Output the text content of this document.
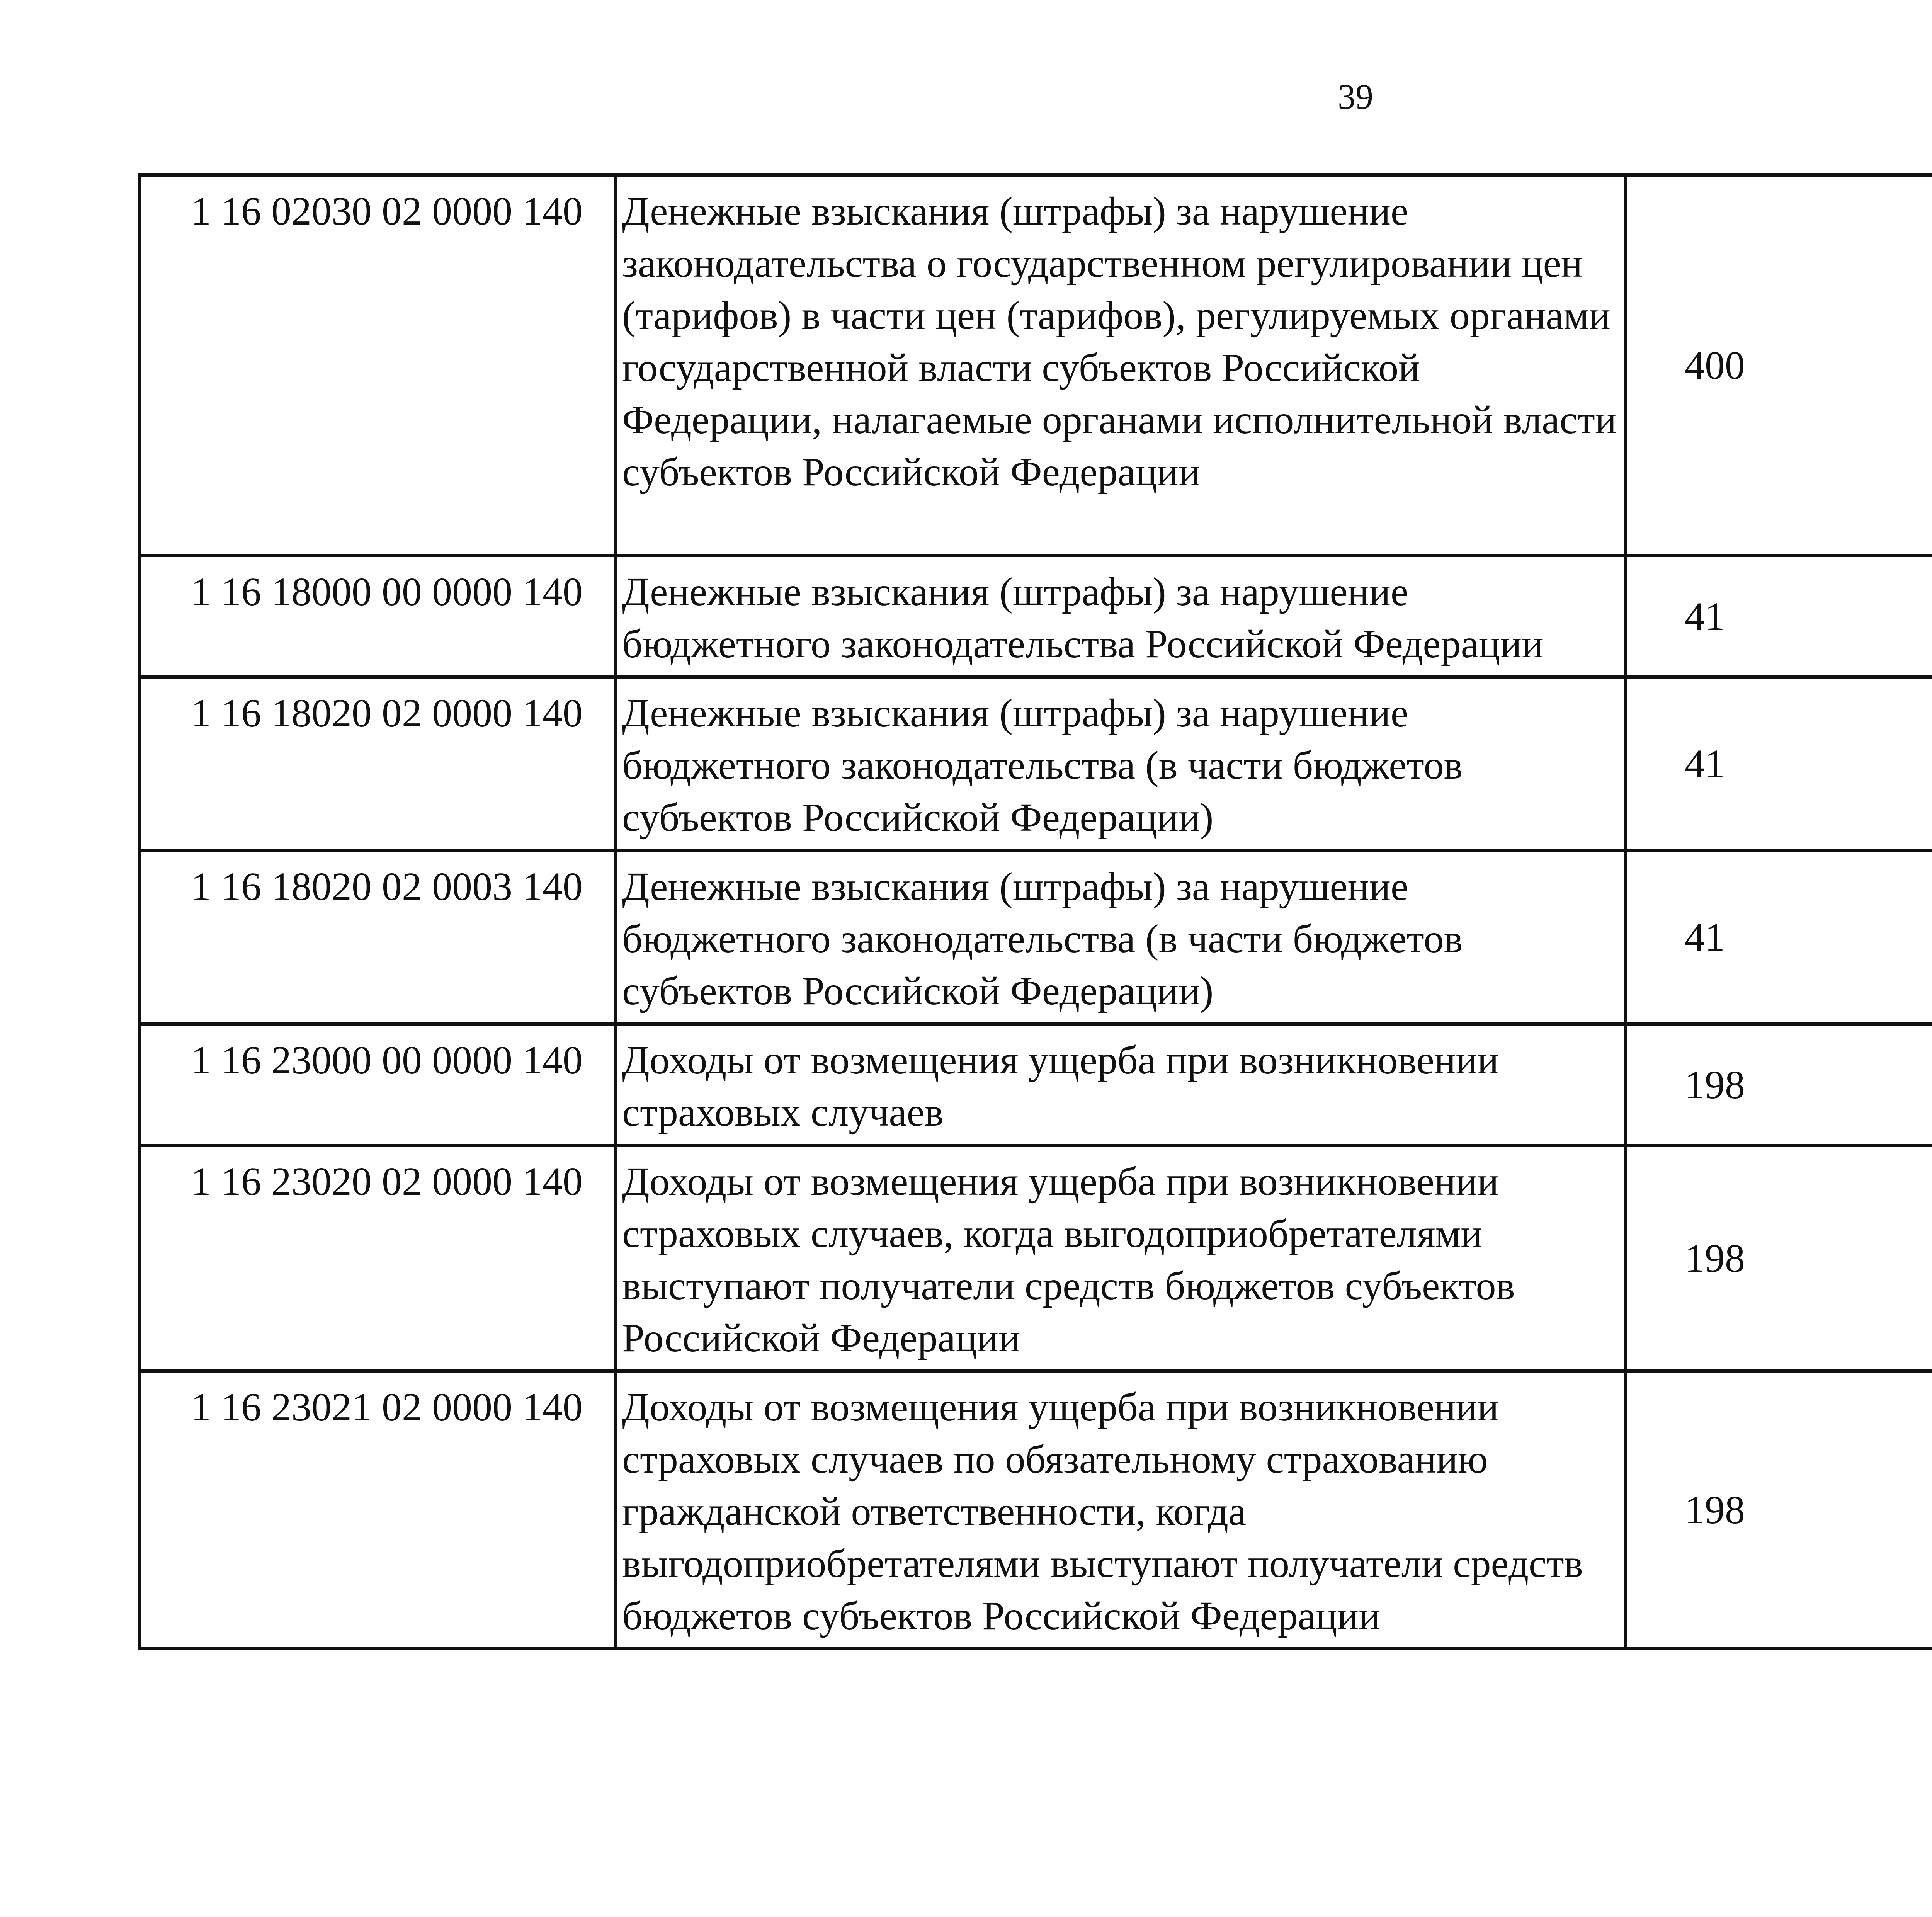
39
1 16 02030 02 0000 140	Денежные взыскания (штрафы) за нарушение законодательства о государственном регулировании цен (тарифов) в части цен (тарифов), регулируемых органами государственной власти субъектов Российской Федерации, налагаемые органами исполнительной власти субъектов Российской Федерации	400		
1 16 18000 00 0000 140	Денежные взыскания (штрафы) за нарушение бюджетного законодательства Российской Федерации	41		
1 16 18020 02 0000 140	Денежные взыскания (штрафы) за нарушение бюджетного законодательства (в части бюджетов субъектов Российской Федерации)	41		
1 16 18020 02 0003 140	Денежные взыскания (штрафы) за нарушение бюджетного законодательства (в части бюджетов субъектов Российской Федерации)	41		
1 16 23000 00 0000 140	Доходы от возмещения ущерба при возникновении страховых случаев	198		
1 16 23020 02 0000 140	Доходы от возмещения ущерба при возникновении страховых случаев, когда выгодоприобретателями выступают получатели средств бюджетов субъектов Российской Федерации	198		
1 16 23021 02 0000 140	Доходы от возмещения ущерба при возникновении страховых случаев по обязательному страхованию гражданской ответственности, когда выгодоприобретателями выступают получатели средств бюджетов субъектов Российской Федерации	198		
